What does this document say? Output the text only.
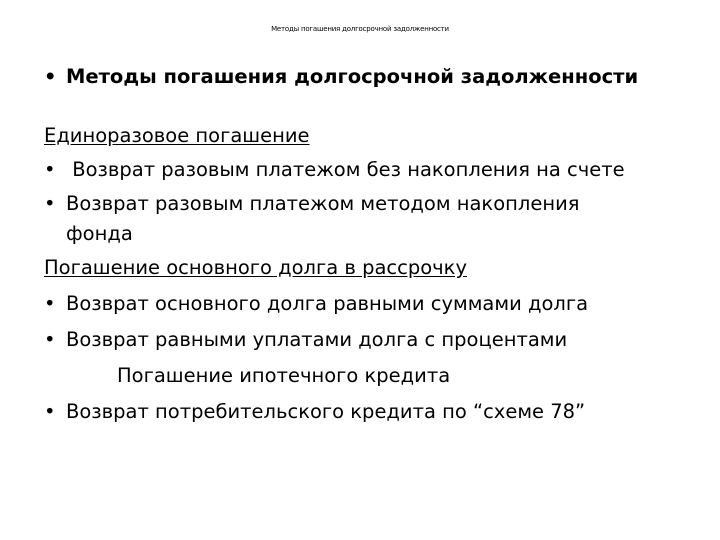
Методы погашения долгосрочной задолженности
• Методы погашения долгосрочной задолженности
Единоразовое погашение
• Возврат разовым платежом без накопления на счете
• Возврат разовым платежом методом накопления фонда
Погашение основного долга в рассрочку
• Возврат основного долга равными суммами долга
• Возврат равными уплатами долга с процентами
Погашение ипотечного кредита
• Возврат потребительского кредита по “схеме 78”
